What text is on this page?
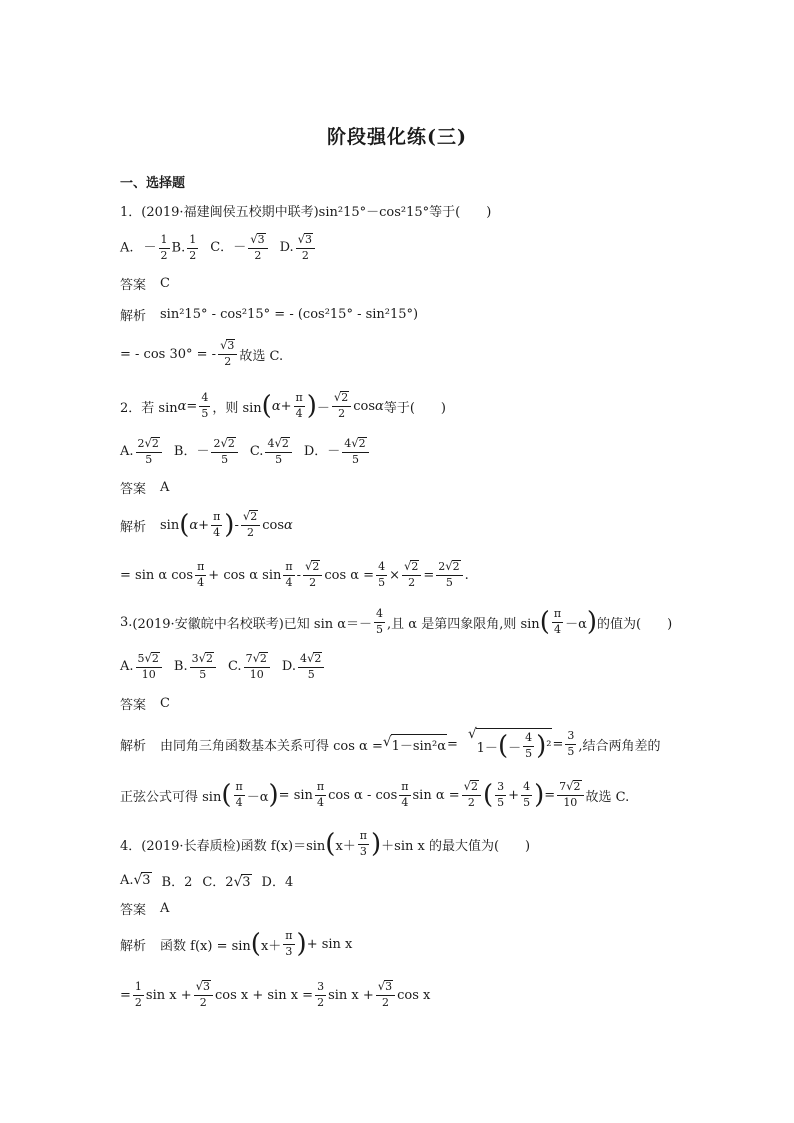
阶段强化练(三)
一、选择题
1． (2019·福建闽侯五校期中联考) sin²15°－cos²15°等于(　　)
A. － $\frac{1}{2} B$. $\frac{1}{2}$ C．－ $\frac{√ 3}{2} D$. $\frac{√ 3}{2}$
答案 C
解析 sin²15° - cos²15° = - (cos²15° - sin²15°)
= - cos 30° = - $\frac{√ 3}{2}$ 故选 C.
2． 若 $\sin \alpha = \frac{4}{5}$ ，则 sin ( $\alpha + \frac{\pi}{4}$ ) － $\frac{√ 2}{2}$ cos α 等于(　　)
A. $\frac{2 √ 2}{5}$ B．－ $\frac{2 √ 2}{5} C$. $\frac{4 √ 2}{5}$ D．－ $\frac{4 √ 2}{5}$
答案 A
解析 sin ( $\alpha + \frac{\pi}{4}$ ) - $\frac{√ 2}{2}$ cos α
= sin α $\cos \frac{\pi}{4} + \cos \alpha$ $\sin \frac{\pi}{4} - \frac{√ 2}{2}$ $\cos \alpha = \frac{4}{5} \times \frac{√ 2}{2} = \frac{2 √ 2}{5}$ .
3. (2019·安徽皖中名校联考) 已知 $\sin \alpha=- \frac{4}{5}$ ,且 α 是第四象限角,则 sin ( $\frac{\pi}{4} -\alpha$ ) 的值为(　　)
A. $\frac{5 √ 2}{10} B$. $\frac{3 √ 2}{5} C$. $\frac{7 √ 2}{10} D$. $\frac{4 √ 2}{5}$
答案 C
解析 由同角三角函数基本关系可得 cos α = √ 1－sin²α =
√
1－ ( － $\frac{4}{5}$ ) $^2 = \frac{3}{5}$ ,结合两角差的
正弦公式可得 sin ( $\frac{\pi}{4} -\alpha$ ) = $\sin \frac{\pi}{4}$ cos α - $\cos \frac{\pi}{4}$ $\sin \alpha = \frac{√ 2}{2}$ ( $\frac{3}{5} + \frac{4}{5}$ ) = $\frac{7 √ 2}{10}$ 故选 C.
4． (2019·长春质检) 函数 f(x)＝sin ( $x+ \frac{\pi}{3}$ ) ＋sin x 的最大值为(　　)
A. √ 3 B．2 C．2 √ 3 D．4
答案 A
解析 函数 f(x) = sin ( $x+ \frac{\pi}{3}$ ) + sin x
= $\frac{1}{2}$ $\sin x + \frac{√ 3}{2}$ $\cos x + \sin x = \frac{3}{2}$ $\sin x + \frac{√ 3}{2}$ cos x
